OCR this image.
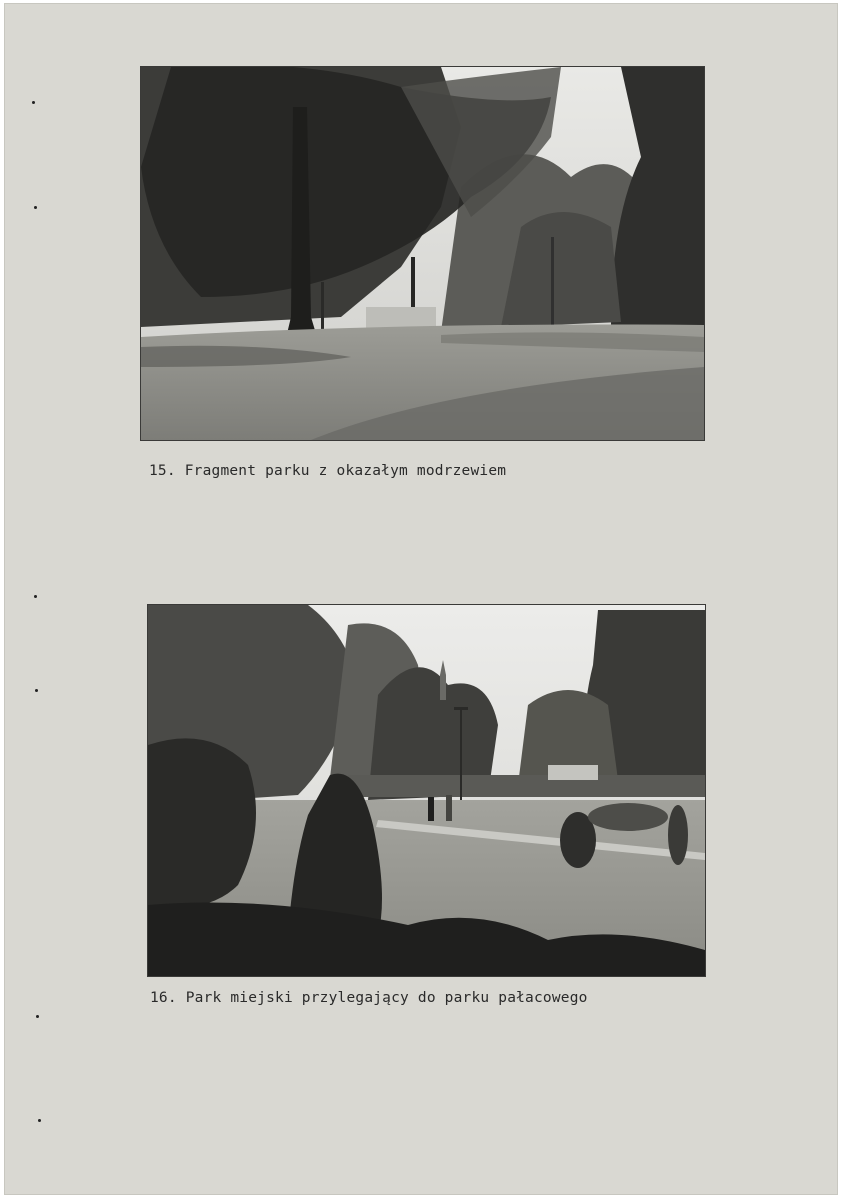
15. Fragment parku z okazałym modrzewiem
16. Park miejski przylegający do parku pałacowego
